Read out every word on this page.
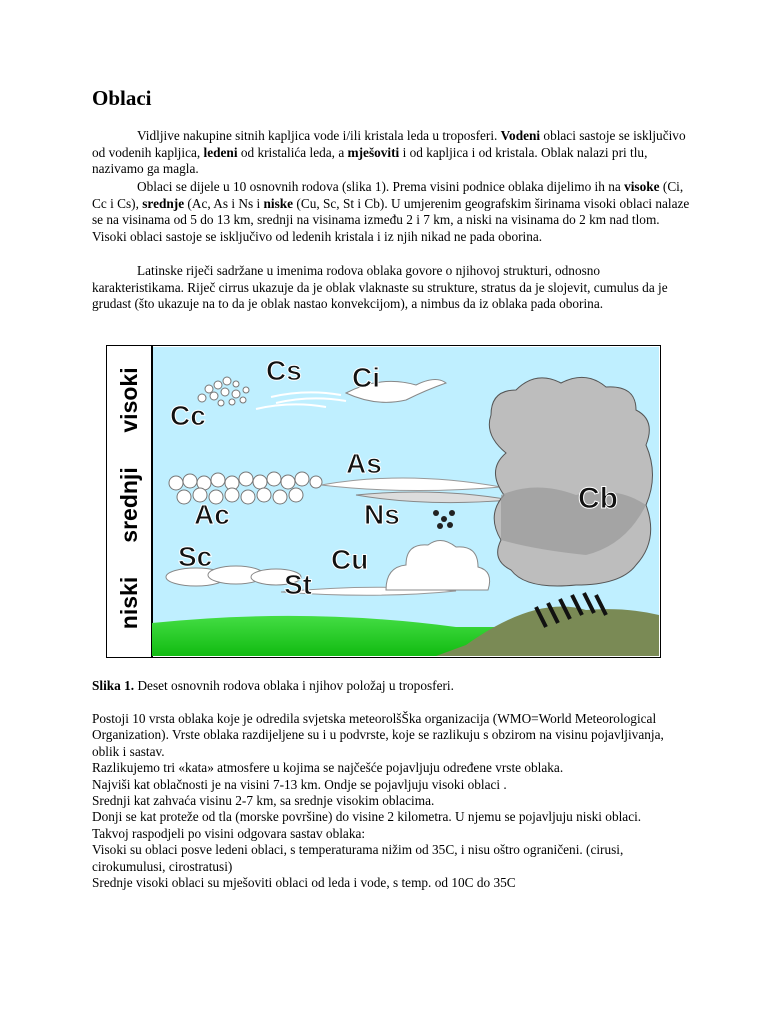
Oblaci

Vidljive nakupine sitnih kapljica vode i/ili kristala leda u troposferi. Vodeni oblaci sastoje se isključivo od vodenih kapljica, ledeni od kristalića leda, a mješoviti i od kapljica i od kristala. Oblak nalazi pri tlu, nazivamo ga magla.

Oblaci se dijele u 10 osnovnih rodova (slika 1). Prema visini podnice oblaka dijelimo ih na visoke (Ci, Cc i Cs), srednje (Ac, As i Ns i niske (Cu, Sc, St i Cb). U umjerenim geografskim širinama visoki oblaci nalaze se na visinama od 5 do 13 km, srednji na visinama između 2 i 7 km, a niski na visinama do 2 km nad tlom. Visoki oblaci sastoje se isključivo od ledenih kristala i iz njih nikad ne pada oborina.

Latinske riječi sadržane u imenima rodova oblaka govore o njihovoj strukturi, odnosno karakteristikama. Riječ cirrus ukazuje da je oblak vlaknaste su strukture, stratus da je slojevit, cumulus da je grudast (što ukazuje na to da je oblak nastao konvekcijom), a nimbus da iz oblaka pada oborina.

visoki
srednji
niski
Cs Ci
Cc
As
Ac	Ns	Cb
Sc	Cu
St
Slika 1. Deset osnovnih rodova oblaka i njihov položaj u troposferi.
Postoji 10 vrsta oblaka koje je odredila svjetska meteorolšŠka organizacija (WMO=World Meteorological Organization). Vrste oblaka razdijeljene su i u podvrste, koje se razlikuju s obzirom na visinu pojavljivanja, oblik i sastav.
Razlikujemo tri «kata» atmosfere u kojima se najčešće pojavljuju određene vrste oblaka.
Najviši kat oblačnosti je na visini 7-13 km. Ondje se pojavljuju visoki oblaci .
Srednji kat zahvaća visinu 2-7 km, sa srednje visokim oblacima.
Donji se kat proteže od tla (morske površine) do visine 2 kilometra. U njemu se pojavljuju niski oblaci.
Takvoj raspodjeli po visini odgovara sastav oblaka:
Visoki su oblaci posve ledeni oblaci, s temperaturama nižim od 35C, i nisu oštro ograničeni. (cirusi, cirokumulusi, cirostratusi)
Srednje visoki oblaci su mješoviti oblaci od leda i vode, s temp. od 10C do 35C
